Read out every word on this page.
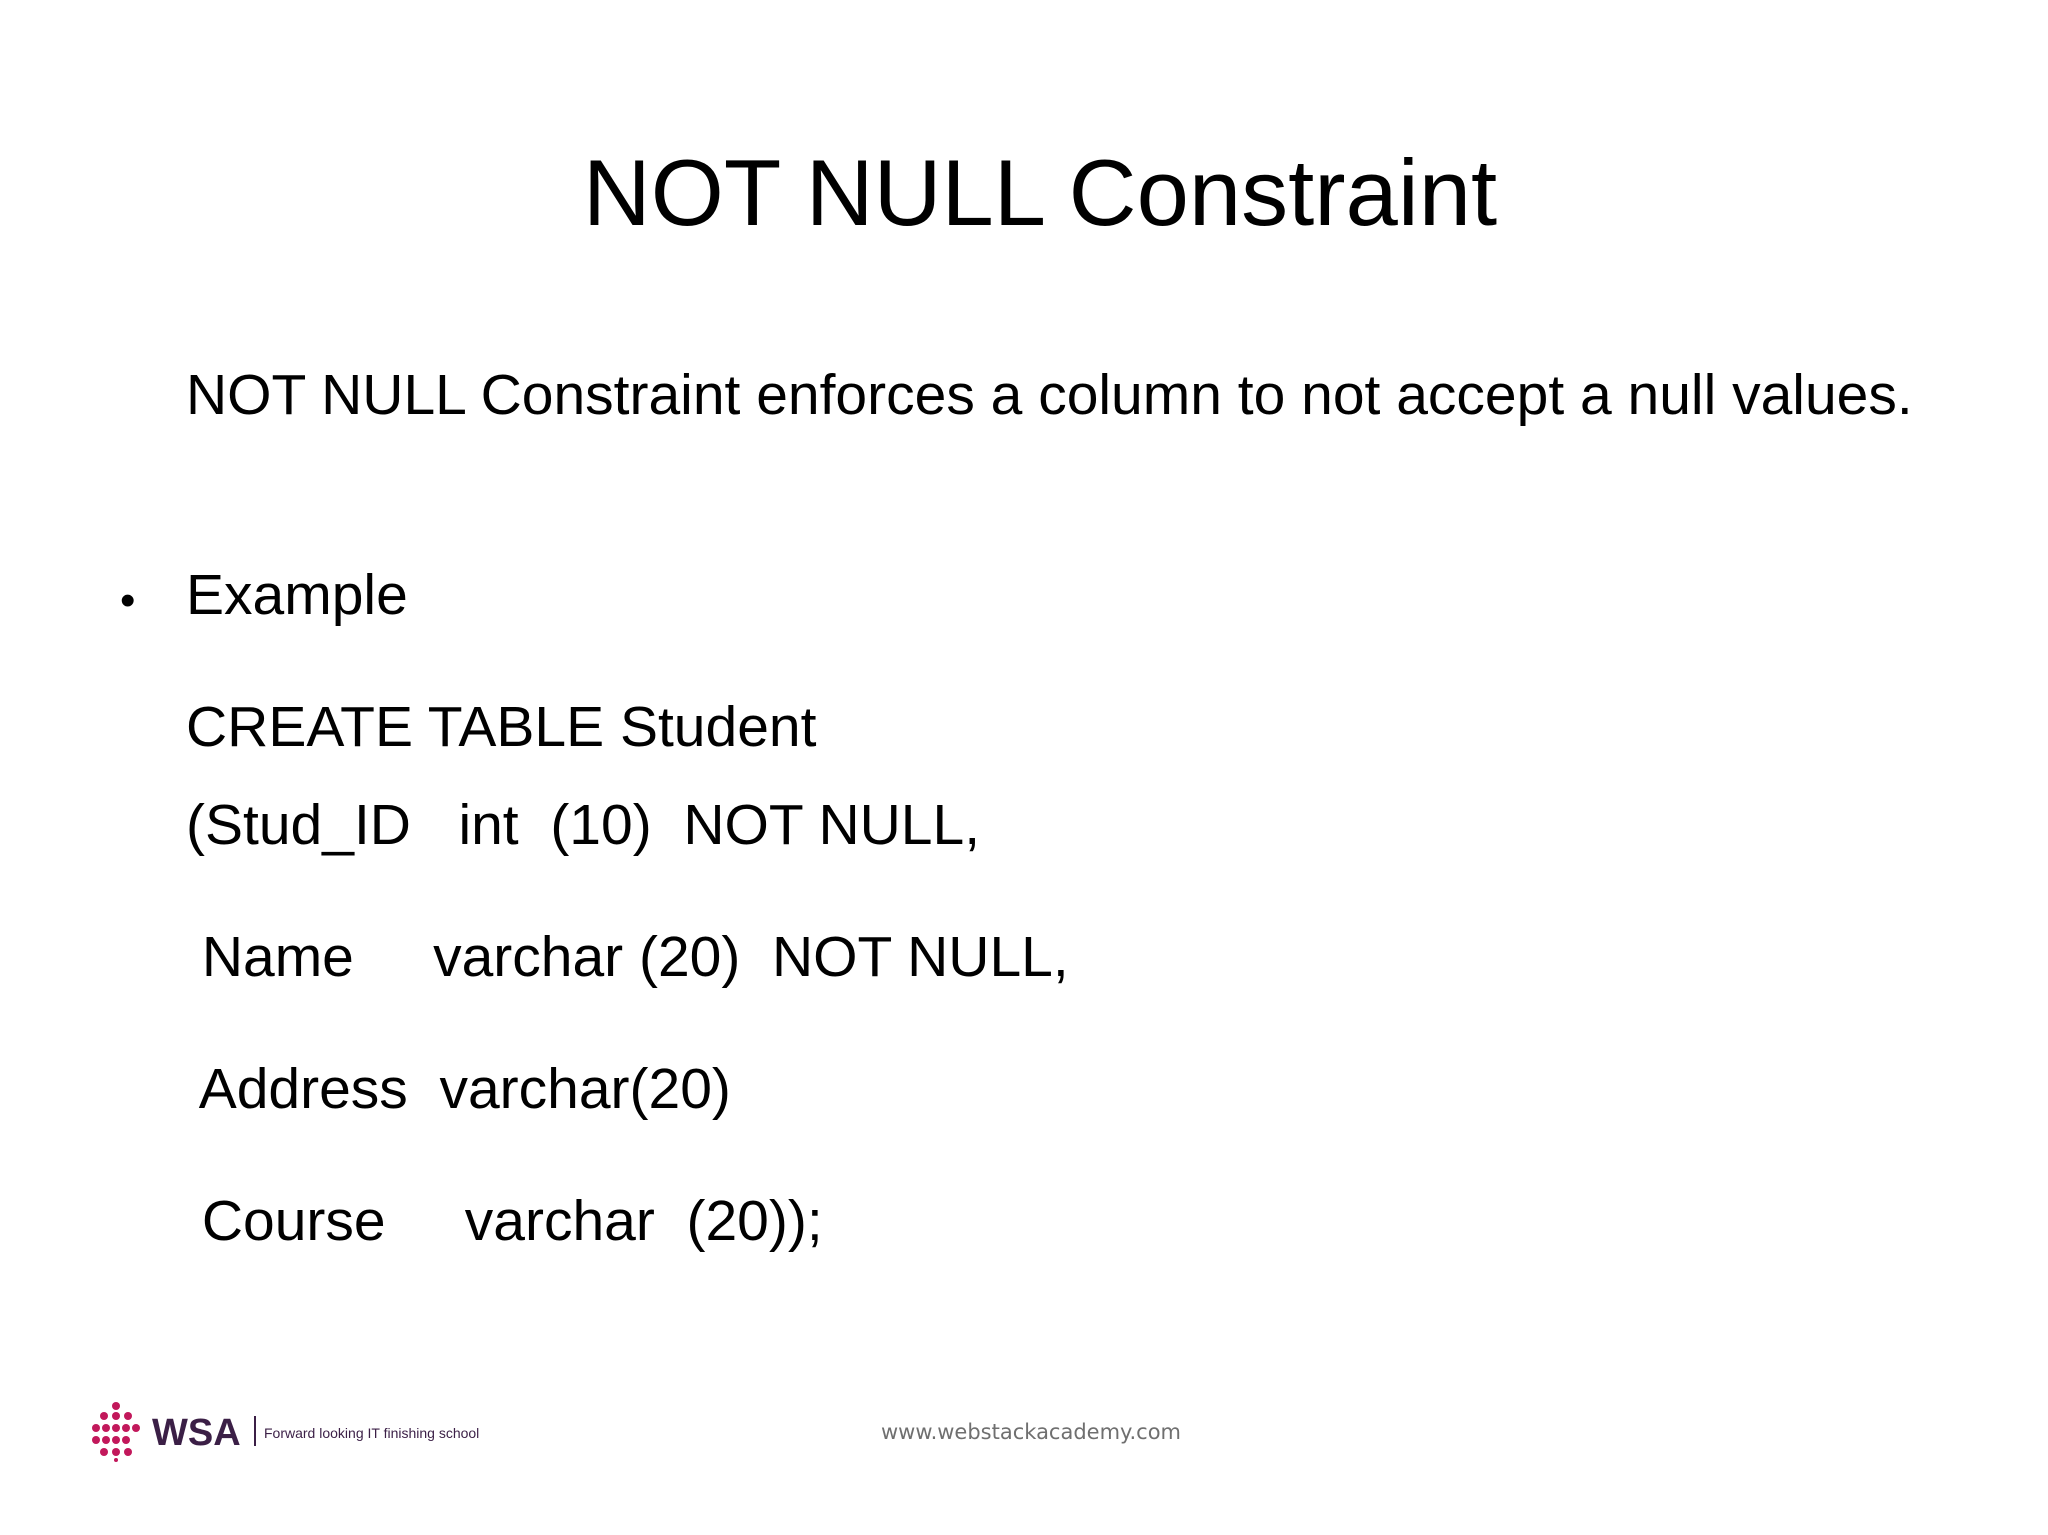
NOT NULL Constraint
NOT NULL Constraint enforces a column to not accept a null values.
• Example
CREATE TABLE Student
(Stud_ID   int  (10)  NOT NULL,
Name     varchar (20)  NOT NULL,
Address  varchar(20)
Course     varchar  (20));
WSA Forward looking IT finishing school	www.webstackacademy.com
